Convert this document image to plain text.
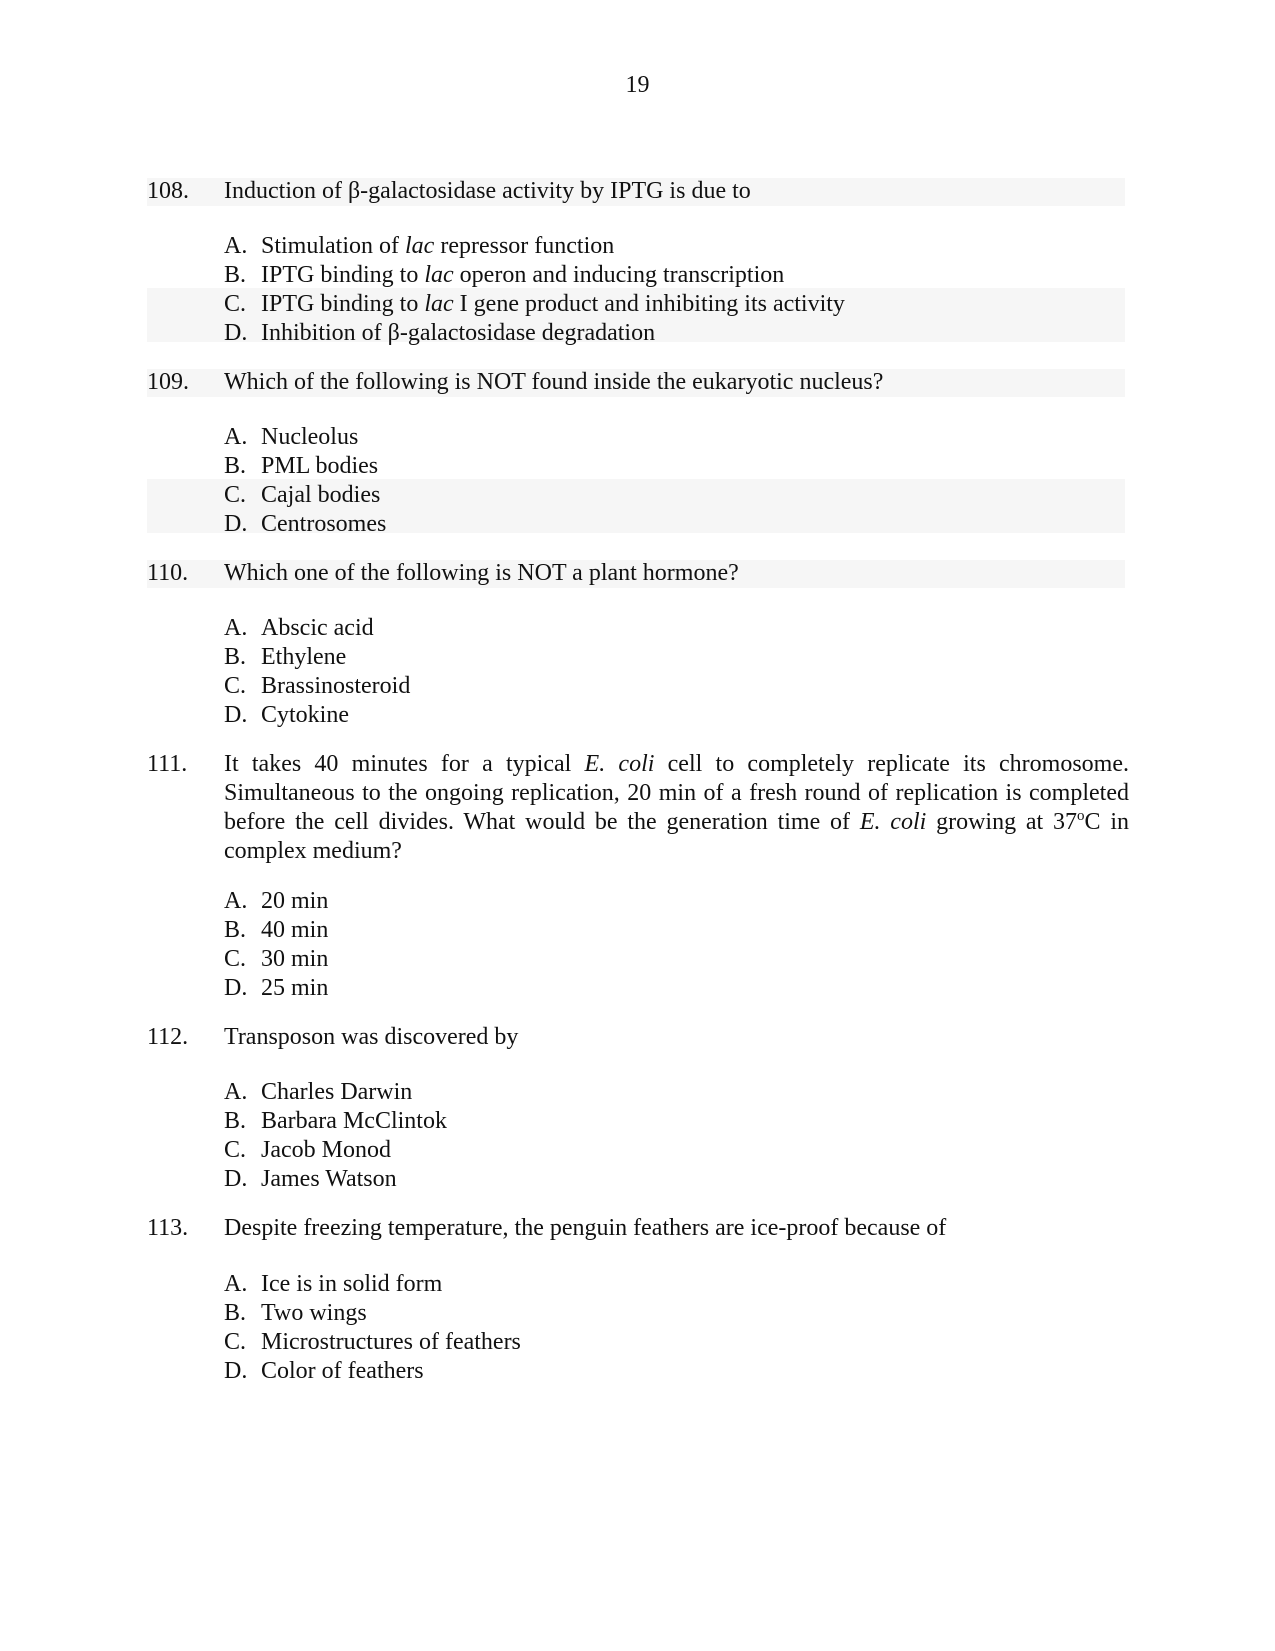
19
108. Induction of β-galactosidase activity by IPTG is due to
A. Stimulation of lac repressor function
B. IPTG binding to lac operon and inducing transcription
C. IPTG binding to lac I gene product and inhibiting its activity
D. Inhibition of β-galactosidase degradation
109. Which of the following is NOT found inside the eukaryotic nucleus?
A. Nucleolus
B. PML bodies
C. Cajal bodies
D. Centrosomes
110. Which one of the following is NOT a plant hormone?
A. Abscic acid
B. Ethylene
C. Brassinosteroid
D. Cytokine
111. It takes 40 minutes for a typical E. coli cell to completely replicate its chromosome. Simultaneous to the ongoing replication, 20 min of a fresh round of replication is completed before the cell divides. What would be the generation time of E. coli growing at 37$^o$C in complex medium?
A. 20 min
B. 40 min
C. 30 min
D. 25 min
112. Transposon was discovered by
A. Charles Darwin
B. Barbara McClintok
C. Jacob Monod
D. James Watson
113. Despite freezing temperature, the penguin feathers are ice-proof because of
A. Ice is in solid form
B. Two wings
C. Microstructures of feathers
D. Color of feathers
